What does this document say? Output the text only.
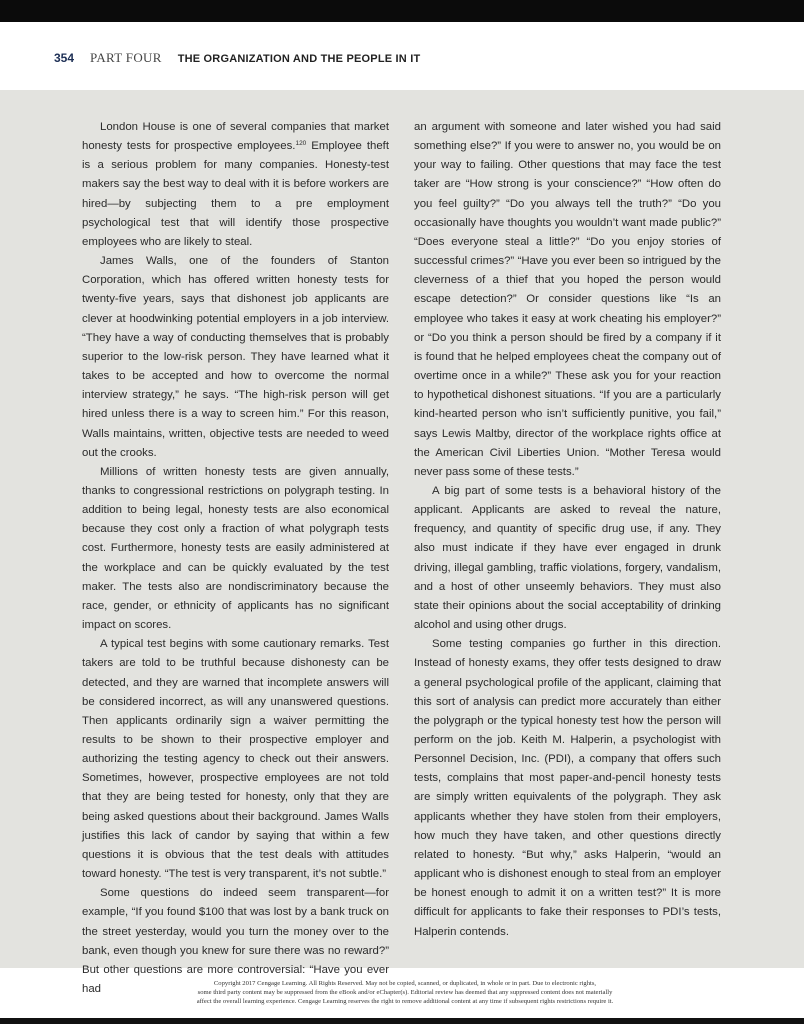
354 PART FOUR THE ORGANIZATION AND THE PEOPLE IN IT

London House is one of several companies that market honesty tests for prospective employees.$^{120}$ Employee theft is a serious problem for many companies. Honesty-test makers say the best way to deal with it is before workers are hired—by subjecting them to a pre employment psychological test that will identify those prospective employees who are likely to steal.

James Walls, one of the founders of Stanton Corporation, which has offered written honesty tests for twenty-five years, says that dishonest job applicants are clever at hoodwinking potential employers in a job interview. “They have a way of conducting themselves that is probably superior to the low-risk person. They have learned what it takes to be accepted and how to overcome the normal interview strategy,” he says. “The high-risk person will get hired unless there is a way to screen him.” For this reason, Walls maintains, written, objective tests are needed to weed out the crooks.

Millions of written honesty tests are given annually, thanks to congressional restrictions on polygraph testing. In addition to being legal, honesty tests are also economical because they cost only a fraction of what polygraph tests cost. Furthermore, honesty tests are easily administered at the workplace and can be quickly evaluated by the test maker. The tests also are nondiscriminatory because the race, gender, or ethnicity of applicants has no significant impact on scores.

A typical test begins with some cautionary remarks. Test takers are told to be truthful because dishonesty can be detected, and they are warned that incomplete answers will be considered incorrect, as will any unanswered questions. Then applicants ordinarily sign a waiver permitting the results to be shown to their prospective employer and authorizing the testing agency to check out their answers. Sometimes, however, prospective employees are not told that they are being tested for honesty, only that they are being asked questions about their background. James Walls justifies this lack of candor by saying that within a few questions it is obvious that the test deals with attitudes toward honesty. “The test is very transparent, it’s not subtle.”

Some questions do indeed seem transparent—for example, “If you found $100 that was lost by a bank truck on the street yesterday, would you turn the money over to the bank, even though you knew for sure there was no reward?” But other questions are more controversial: “Have you ever had

an argument with someone and later wished you had said something else?” If you were to answer no, you would be on your way to failing. Other questions that may face the test taker are “How strong is your conscience?” “How often do you feel guilty?” “Do you always tell the truth?” “Do you occasionally have thoughts you wouldn’t want made public?” “Does everyone steal a little?” “Do you enjoy stories of successful crimes?” “Have you ever been so intrigued by the cleverness of a thief that you hoped the person would escape detection?” Or consider questions like “Is an employee who takes it easy at work cheating his employer?” or “Do you think a person should be fired by a company if it is found that he helped employees cheat the company out of overtime once in a while?” These ask you for your reaction to hypothetical dishonest situations. “If you are a particularly kind-hearted person who isn’t sufficiently punitive, you fail,” says Lewis Maltby, director of the workplace rights office at the American Civil Liberties Union. “Mother Teresa would never pass some of these tests.”

A big part of some tests is a behavioral history of the applicant. Applicants are asked to reveal the nature, frequency, and quantity of specific drug use, if any. They also must indicate if they have ever engaged in drunk driving, illegal gambling, traffic violations, forgery, vandalism, and a host of other unseemly behaviors. They must also state their opinions about the social acceptability of drinking alcohol and using other drugs.

Some testing companies go further in this direction. Instead of honesty exams, they offer tests designed to draw a general psychological profile of the applicant, claiming that this sort of analysis can predict more accurately than either the polygraph or the typical honesty test how the person will perform on the job. Keith M. Halperin, a psychologist with Personnel Decision, Inc. (PDI), a company that offers such tests, complains that most paper-and-pencil honesty tests are simply written equivalents of the polygraph. They ask applicants whether they have stolen from their employers, how much they have taken, and other questions directly related to honesty. “But why,” asks Halperin, “would an applicant who is dishonest enough to steal from an employer be honest enough to admit it on a written test?” It is more difficult for applicants to fake their responses to PDI’s tests, Halperin contends.

Copyright 2017 Cengage Learning. All Rights Reserved. May not be copied, scanned, or duplicated, in whole or in part. Due to electronic rights,
some third party content may be suppressed from the eBook and/or eChapter(s). Editorial review has deemed that any suppressed content does not materially
affect the overall learning experience. Cengage Learning reserves the right to remove additional content at any time if subsequent rights restrictions require it.
